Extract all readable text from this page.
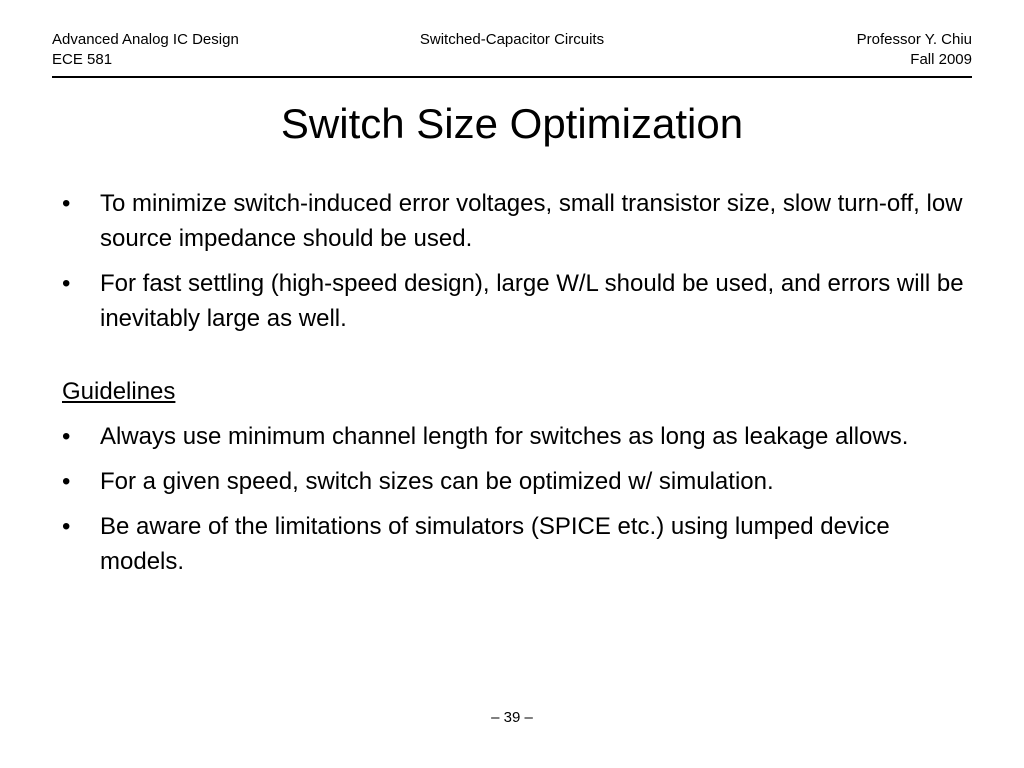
Advanced Analog IC Design
ECE 581
Switched-Capacitor Circuits	Professor Y. Chiu
Fall 2009
Switch Size Optimization
•	To minimize switch-induced error voltages, small transistor size, slow turn-off, low source impedance should be used.
•	For fast settling (high-speed design), large W/L should be used, and errors will be inevitably large as well.
Guidelines
•	Always use minimum channel length for switches as long as leakage allows.
•	For a given speed, switch sizes can be optimized w/ simulation.
•	Be aware of the limitations of simulators (SPICE etc.) using lumped device models.
– 39 –
